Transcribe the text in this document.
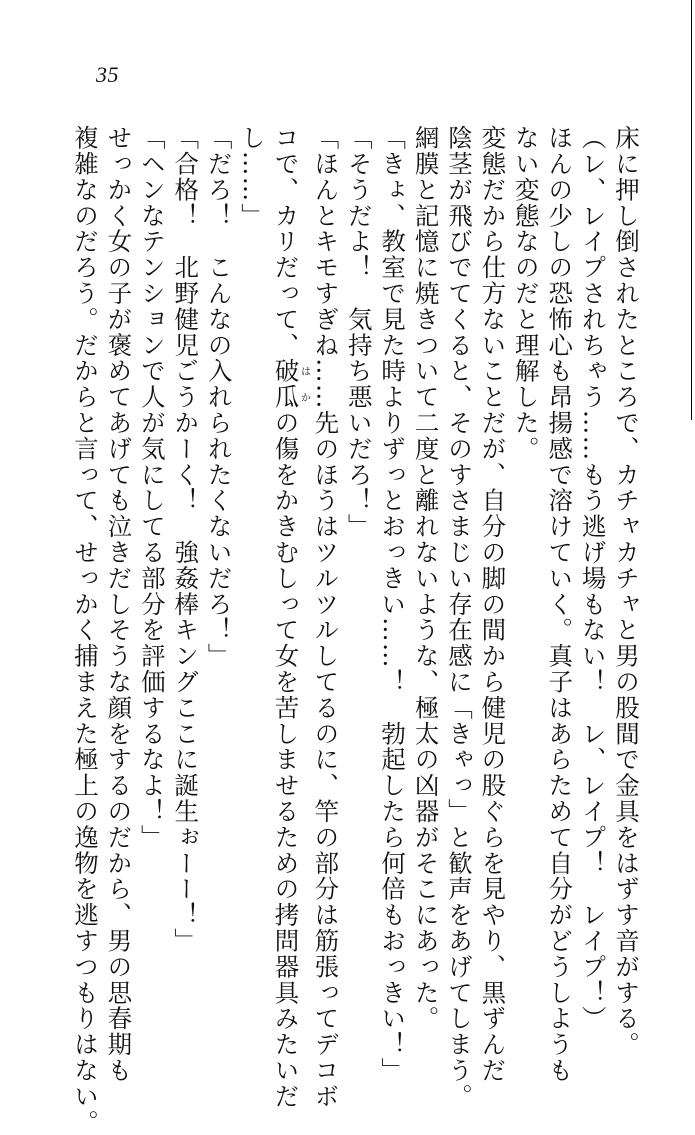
35
床に押し倒されたところで、カチャカチャと男の股間で金具をはずす音がする。
（レ、レイプされちゃう……もう逃げ場もない！　レ、レイプ！　レイプ！）
ほんの少しの恐怖心も昂揚感で溶けていく。真子はあらためて自分がどうしようも
ない変態なのだと理解した。
変態だから仕方ないことだが、自分の脚の間から健児の股ぐらを見やり、黒ずんだ
陰茎が飛びでてくると、そのすさまじい存在感に「きゃっ」と歓声をあげてしまう。
網膜と記憶に焼きついて二度と離れないような、極太の凶器がそこにあった。
「きょ、教室で見た時よりずっとおっきい……！　勃起したら何倍もおっきい！」
「そうだよ！　気持ち悪いだろ！」
「ほんとキモすぎね……先のほうはツルツルしてるのに、竿の部分は筋張ってデコボ
コで、カリだって、破瓜はかの傷をかきむしって女を苦しませるための拷問器具みたいだ
し……」
「だろ！　こんなの入れられたくないだろ！」
「合格！　北野健児ごうかーく！　強姦棒キングここに誕生ぉーー！」
「ヘンなテンションで人が気にしてる部分を評価するなよ！」
せっかく女の子が褒めてあげても泣きだしそうな顔をするのだから、男の思春期も
複雑なのだろう。だからと言って、せっかく捕まえた極上の逸物を逃すつもりはない。
